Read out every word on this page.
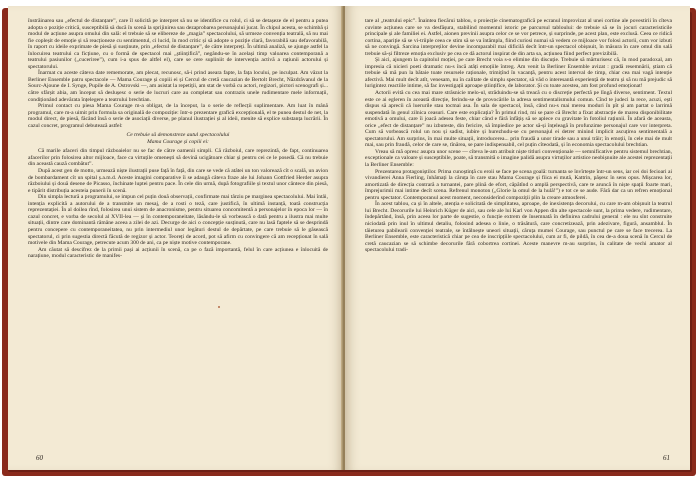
înstrăinarea sau „efectul de distanțare”, care îl solicită pe interpret să nu se identifice cu rolul, ci să se detașeze de el pentru a putea adopta o poziție critică, susceptibilă să ducă în scenă la sprijinirea sau dezaprobarea personajului jucat. În chipul acesta, se schimbă și modul de acțiune asupra omului din sală: el trebuie să se elibereze de „magia” spectacolului, să urmeze convenția teatrală, să nu mai fie copleșit de emoție și să reacționeze cu sentimentul, ci lucid, în mod critic și să adopte o poziție clară, favorabilă sau defavorabilă, în raport cu ideile exprimate de piesă și susținute, prin „efectul de distanțare”, de către interpreți. În ultimă analiză, se ajunge astfel la înlocuirea teatrului ca ficțiune, cu o formă de spectacol mai „științifică”, negându-se în același timp valoarea contemporană a teatrului pasiunilor („cuceriree”), cum i-a spus de altfel el), care se cere supliniit de intervenția activă a rațiunii actorului și spectatorului.

Înarmat cu aceste câteva date rememorate, am plecat, recunosc, să-i prind aseara fapte, la fața locului, pe inculpat. Am văzut la Berliner Ensemble patru spectacole — Mama Courage și copiii ei și Cercul de cretă caucazian de Bertolt Brecht, Năzdrăvanul de la Sourc-Ajoune de I. Synge, Pupile de A. Ostrovski —, am asistat la repetiții, am stat de vorbă cu actori, regizori, pictori scenografi și... către sfârșit abia, am început să deslușesc o serie de lucruri care au completat sau contrazis unele rudimentare mele informații, condiționând adevărata înțelegere a teatrului brechtian.

Primul contact cu piesa Mama Courage m-a obligat, de la început, la o serie de reflecții suplimentare. Am luat în mână programul, care m-a uimit prin formula sa originală de compoziție: într-o prezentare grafică excepțională, el te punea destul de net, la modul direct, de piesă, făcând însă o serie de asociații diverse, pe planul ilustrației și al ideii, menite să explice substanța lucrării. În cazul concret, programul debutează astfel:

Ce trebuie să demonstreze autul spectacolului
Mama Courage și copiii ei:

Că marile afaceri din timpul războaielor nu se fac de către oamenii simpli. Că războiul, care reprezintă, de fapt, continuarea afacerilor prin folosirea altor mijloace, face ca virtuțile omenești să devină ucigătoare chiar și pentru cei ce le posedă. Că nu trebuie din această cauză combătut”.

După acest gen de motto, urmează niște ilustrații pusе față în față, din care se vede că atâtei un ton valorează cît o scală, un avion de bombardament cît un spital ș.a.m.d. Aceste imagini comparative îi se adaugă câteva fraze ale lui Johann Gottfried Herder asupra războiului și două desene de Picasso, închinate luptei pentru pace. În cele din urmă, după fotografiile și textul unor cântece din piesă, e tipărit distribuția acesteia punerii în scenă.

Din simpla lectură a programului, se impun cel puțin două observații, confirmate mai târziu pe marginea spectacolului. Mai întâi, intenția explicită a autorului de a transmite un mesaj, de a rosti o teză, care justifică, în ultimă instanță, toată construcția reprezentației. În al doilea rînd, folosirea unui sistem de anacronisme, pentru situarea concomitentă a personajelor în epoca lor — în cazul concret, e vorba de secolul al XVII-lea — și în contemporaneitate, lăsându-le să vorbească o dată pentru a ilustra mai multe situații, dintre care dominantă rămâne aceea a zilei de azi. Decurge de aici o concepție susținută, care nu lasă faptele să se desprindă pentru concepere cu contemporaneitatea, nu prin intermediul unor legături destul de depărtate, pe care trebuie să le găsească spectatorul, ci prin sugestia directă făcută de regizor și actor. Teoreți de acord, pot să afirm cu convingere că am recepționat în sală motivele din Mama Courage, petrecute acum 300 de ani, ca pe niște motive contemporane.

Am căutat să descifrez de la primii pași ai acțiunii în scenă, ca pe o fază importantă, felul în care acțiunea e înlocuită de narațiune, modul caracteristic de manifes-

60

tare al „teatrului epic”. Înaintea fiecărui tablou, o proiecție cinematografică pe ecranul improvizat al unei cortine ale povestirii în cîteva cuvinte acțiunea care se va desfășura, stabilind momentul istoric pe parcursul tabloului: de trebuie să se în jocuri caracteristicile principale și ale familiei ei. Astfel, aionen previnii asupra celor ce se vor petrece, și surprinde, pe acest plan, este exclusă. Ceea ce ridică cortina, apariție să se vi-triiple ceea ce stim să se va întâmpla, fiind curiosi numai să vedem ce mijloace vor folosi actorii, cum vor izbuti să ne convingă. Sarcina interpreților devine incomparabil mai dificilă decît într-un spectacol obișnuit, în măsura în care omul din sală trebuie să-și filtreze emoția exclusiv pe cea ce dă actorul inspirat de din arta sa, acțiunea fiind perfect previzibilă.

Și aici, ajungem la capitolul moției, pe care Brecht voia s-o elimine din discuție. Trebuie să mărturisesc că, în mod paradoxal, am impresia că nicieri poeti dramatic nu-s încă atâți emoțiile întreg. Am venit la Berliner Ensemble avizat : gradă resemnării, știam că trebuie să mă pun la bătaie toate resursele raționale, trimițînd în vacanță, pentru acest interval de timp, chiar cea mai vagă intenție afectivă. Mai mult decît atît, venesam, nu în calitate de simplu spectator, să văd o interesantă experiență de teatru și să nu mă prejudic să lurigintez reactiile intime, să fac investigații aproape științifice, de laborator. Și cu toate acestea, am fost profund emoționat!

Actorii evită cu cea mai mare străsnicie melo-ul, străduindu-se să treacă cu o discreție perfectă pe lîngă diverse, sentiment. Textul este ce ai egleren în această direcție, ferindu-se de provocările la adresa sentimentalismului comun. Cînd te judeci la rece, acuzi, ești dispus să aprecii că luerurile stau tocmai asa. În sala de spectacol, însă, când nu-s mai merea moduri în pît și am partat o larrimă suspendată în genul zilnica ceasuri. Care este explicația? În primul rind, mi se pare că Brecht a fixat abstracție de marea disponibilitate emotivă a omului, care îi joacă adesea feste, chiar când e fără înfățiș să se aplece cu gravitate în fotoliul rațiunii. În afară de aceasta, orice „efect de distanțare” nu izbuteste, din fericire, să împiedice pe actor să-și înțeleagă în profunzime personajul care vor interpreta. Cum să vorbească rolul un nou și sadist, iubire și hurezhudu-se cu personajul ei detrer minind implicit ascuțirea sentimentală a spectatorului. Am surprins, în mai multe situații, introducerea... prin fraudă a unor tirade sau a unui trăir; în emoții, în cele mai de mult mai, sau prin fraudă, celor de care se, tînărea, se pare indispensabil, cel puțin cîteodată, și în economia spectacolului brechtian.

Vreau să mă opresc asupra unor scene — cîteva le-am atribuit niște titluri convenționale — semnificative pentru sistemul brechtian, exceptionale ca valoare și susceptibile, poate, să transmită o imagine palidă asupra virtuților artistice neobișnuite ale acestei reprezentații la Berliner Ensemble:

Prezentarea protagoniștilor. Prima cunoștință cu eroii se face pe scena goală: turnanta se învîrtește într-un sens, iar cei doi fecioari ai vivandierei Anna Fierling, înhămați la căruța în care stau Mama Courage și fiica ei mută, Kattrin, pășesc în sens opus. Mișcarea lor, amortizată de direcția contrară a turnantei, pare plină de efort, căpătînd o amplă perspectivă, care te aruncă în niște spații foarte mari, împrejurimii mai intime decît scena. Refrenul monoton („Glorie la omul de la hulă!”) e tot ce se aude. Fără dar ca un refren emoțional pentru spectator. Contemporanul acest moment, neconsiderînd compoziții plin la creare atmosferei.

În acest tablou, ca și în altele, atenția e solicitată de simplitatea, aproape, de inexistența decorului, cu care m-am obișnuit la teatrul lui Brecht. Decorurile lui Heinrich Küger de aici, sau cele ale lui Karl von Appen din alte spectacole sunt, la prima vedere, rudimentare, îndepărtând, însă, prin aceea lor parte de sugestie, o funcție extrem de însemnată în definirea cadrului general : ele nu sînt construite niciodată prin inul în ultimul detaliu, folosind adesea o linie, o trăsătură, care concretizează, prin adezivare, figură, ansamblul. În tăieturea pabilearii convenției teatrale, se întâlnește uneori situații, căruța mumei Courage, sau punctul pe care se face trecerea. La Berliner Ensemble, este caracteristică chiar pe cea de inscripțiile spectacolului, cum ar fi, de pildă, în cea de-a doua scenă în Cercul de cretă caucazian se să schimbe decorurile fără cobortrea cortinei. Aceste manevre m-au surprins, în calitate de vechi amator al spectacolului tradi-

61
